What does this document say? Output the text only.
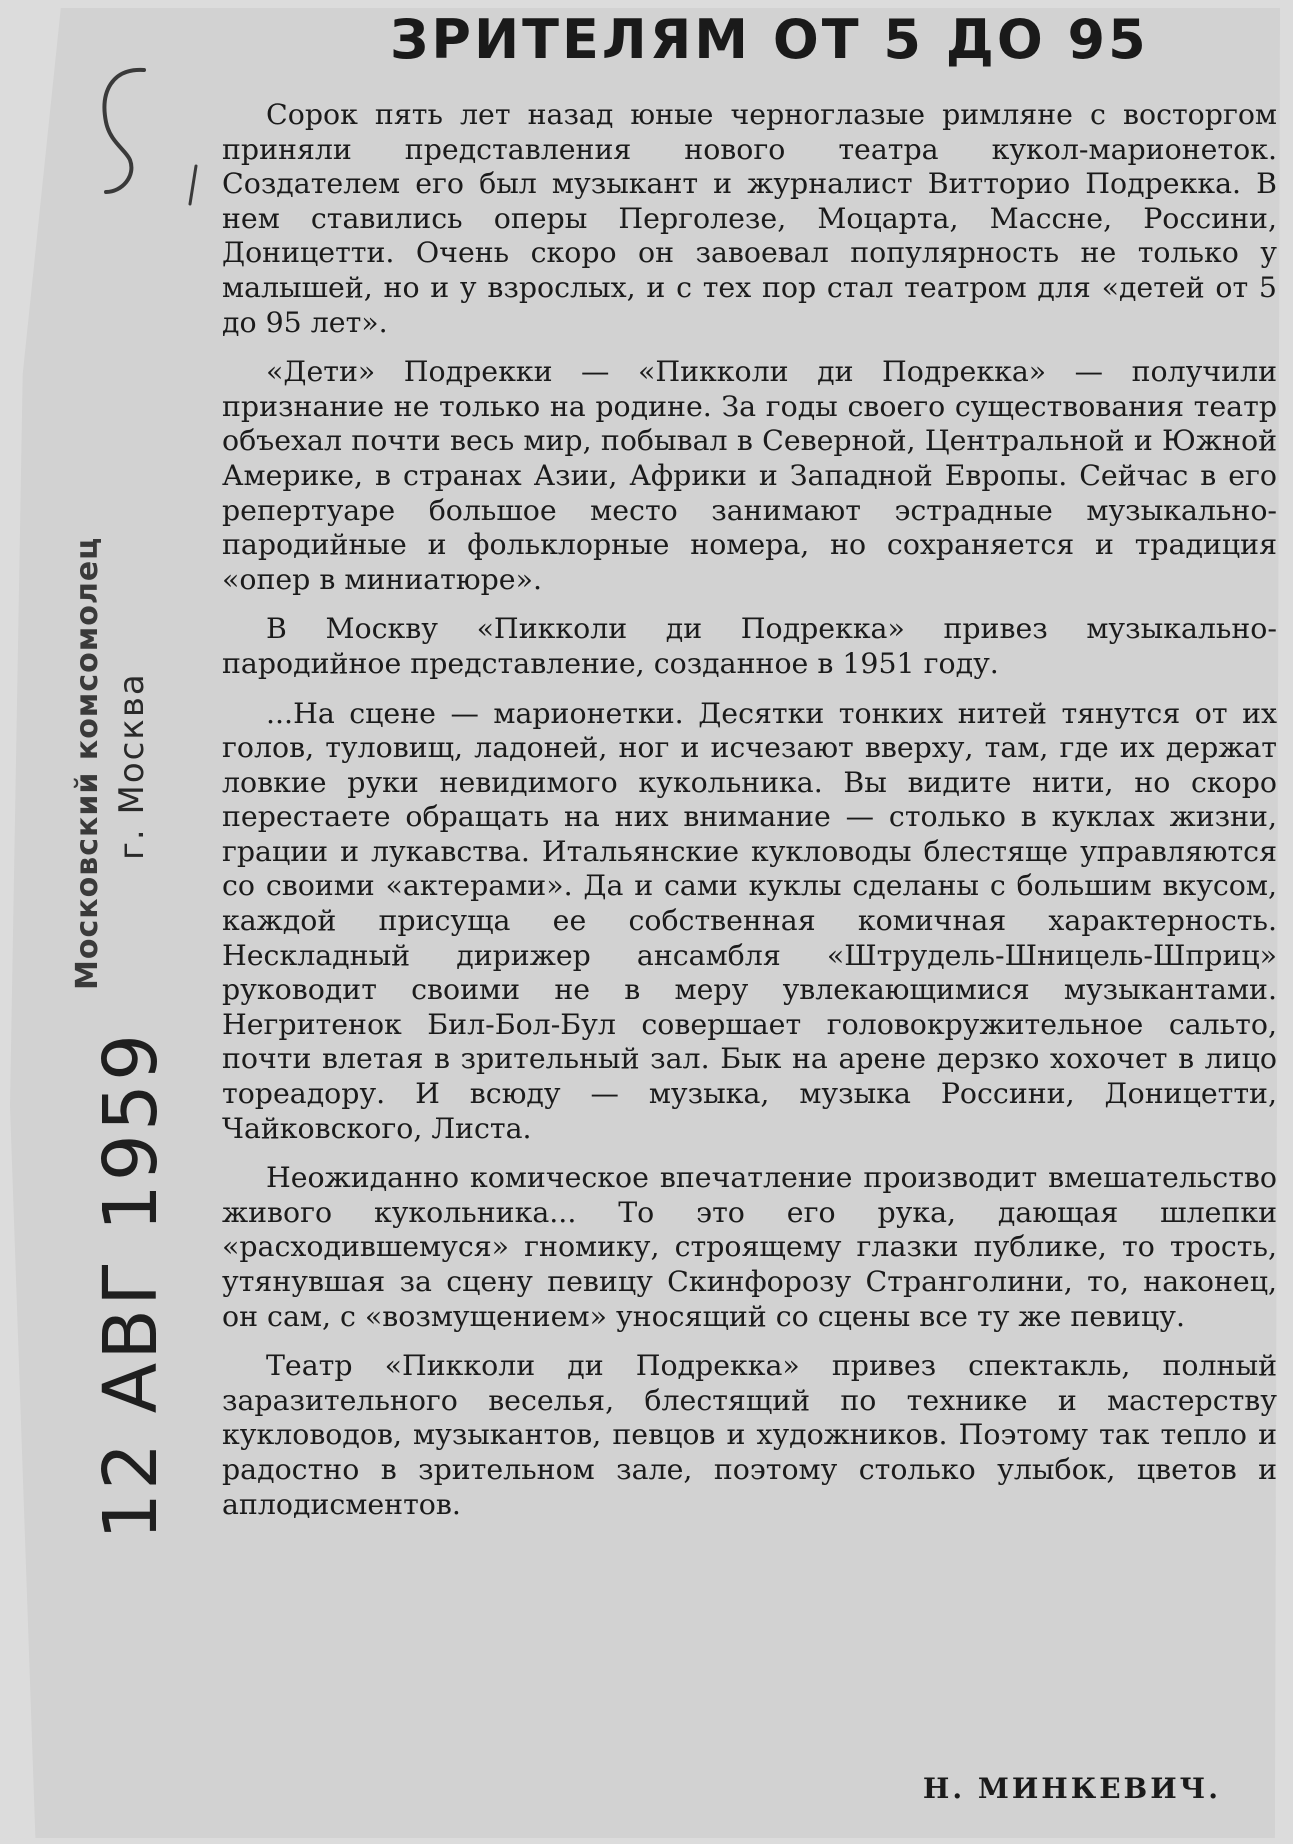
Московский комсомолец г. Москва
12 АВГ 1959
ЗРИТЕЛЯМ ОТ 5 ДО 95

Сорок пять лет назад юные черноглазые римляне с восторгом приняли представления нового театра кукол-марионеток. Создателем его был музыкант и журналист Витторио Подрекка. В нем ставились оперы Перголезе, Моцарта, Массне, Россини, Доницетти. Очень скоро он завоевал популярность не только у малышей, но и у взрослых, и с тех пор стал театром для «детей от 5 до 95 лет».

«Дети» Подрекки — «Пикколи ди Подрекка» — получили признание не только на родине. За годы своего существования театр объехал почти весь мир, побывал в Северной, Центральной и Южной Америке, в странах Азии, Африки и Западной Европы. Сейчас в его репертуаре большое место занимают эстрадные музыкально-пародийные и фольклорные номера, но сохраняется и традиция «опер в миниатюре».

В Москву «Пикколи ди Подрекка» привез музыкально-пародийное представление, созданное в 1951 году.

...На сцене — марионетки. Десятки тонких нитей тянутся от их голов, туловищ, ладоней, ног и исчезают вверху, там, где их держат ловкие руки невидимого кукольника. Вы видите нити, но скоро перестаете обращать на них внимание — столько в куклах жизни, грации и лукавства. Итальянские кукловоды блестяще управляются со своими «актерами». Да и сами куклы сделаны с большим вкусом, каждой присуща ее собственная комичная характерность. Нескладный дирижер ансамбля «Штрудель-Шницель-Шприц» руководит своими не в меру увлекающимися музыкантами. Негритенок Бил-Бол-Бул совершает головокружительное сальто, почти влетая в зрительный зал. Бык на арене дерзко хохочет в лицо тореадору. И всюду — музыка, музыка Россини, Доницетти, Чайковского, Листа.

Неожиданно комическое впечатление производит вмешательство живого кукольника... То это его рука, дающая шлепки «расходившемуся» гномику, строящему глазки публике, то трость, утянувшая за сцену певицу Скинфорозу Странголини, то, наконец, он сам, с «возмущением» уносящий со сцены все ту же певицу.

Театр «Пикколи ди Подрекка» привез спектакль, полный заразительного веселья, блестящий по технике и мастерству кукловодов, музыкантов, певцов и художников. Поэтому так тепло и радостно в зрительном зале, поэтому столько улыбок, цветов и аплодисментов.

Н. МИНКЕВИЧ.
